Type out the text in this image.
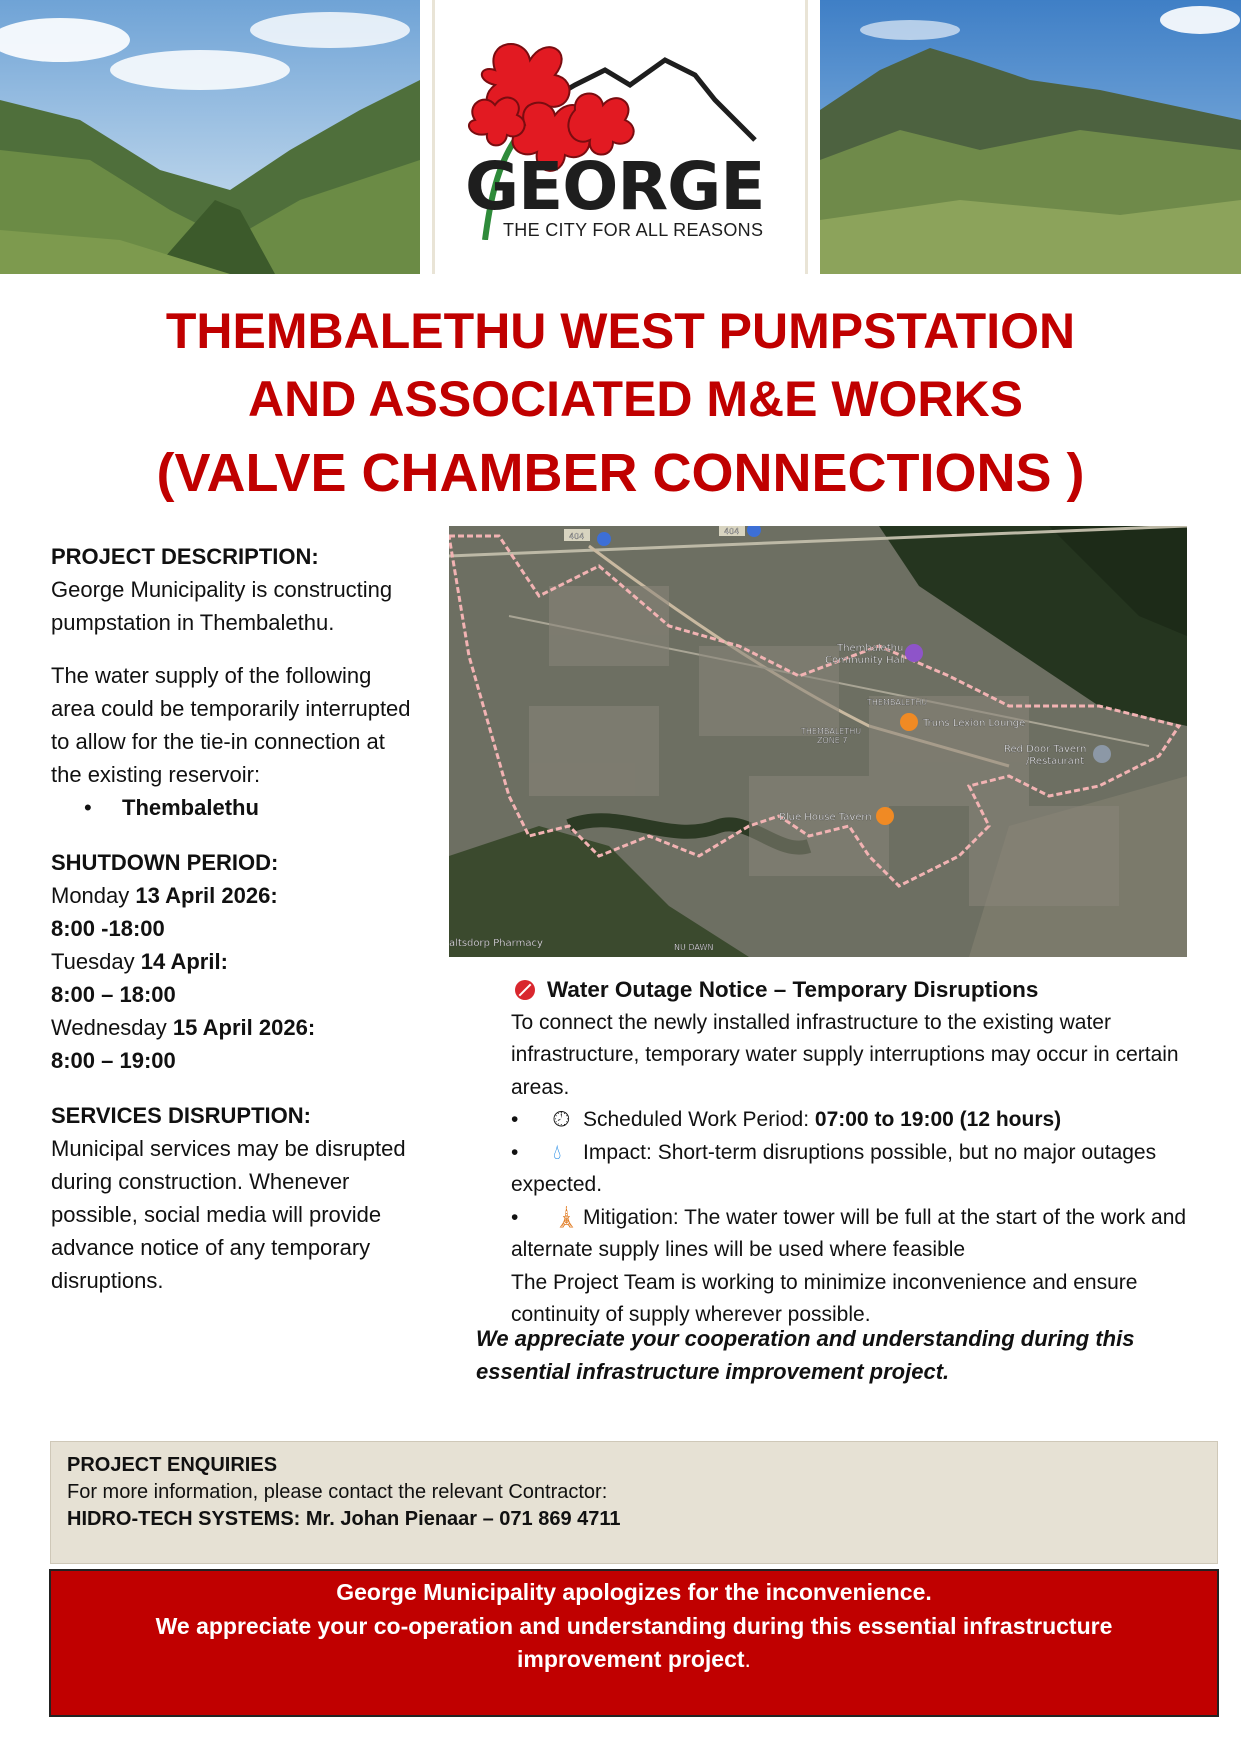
GEORGE
THE CITY FOR ALL REASONS
THEMBALETHU WEST PUMPSTATION
AND ASSOCIATED M&E WORKS
(VALVE CHAMBER CONNECTIONS )

PROJECT DESCRIPTION:

George Municipality is constructing pumpstation in Thembalethu.

The water supply of the following area could be temporarily interrupted to allow for the tie-in connection at the existing reservoir:

•	Thembalethu

SHUTDOWN PERIOD:

Monday 13 April 2026:

8:00 -18:00

Tuesday 14 April:

8:00 – 18:00

Wednesday 15 April 2026:

8:00 – 19:00

SERVICES DISRUPTION:

Municipal services may be disrupted during construction. Whenever possible, social media will provide advance notice of any temporary disruptions.

404
404
Thembalethu
Community Hall
THEMBALETHU
THEMBALETHU
ZONE 7
Truns Lexion Lounge
Red Door Tavern
/Restaurant
Blue House Tavern
altsdorp Pharmacy	NU DAWN

Water Outage Notice – Temporary Disruptions

To connect the newly installed infrastructure to the existing water infrastructure, temporary water supply interruptions may occur in certain areas.

• 🕗︎ Scheduled Work Period: 07:00 to 19:00 (12 hours)

• 💧︎ Impact: Short-term disruptions possible, but no major outages expected.

• 🗼︎ Mitigation: The water tower will be full at the start of the work and alternate supply lines will be used where feasible

The Project Team is working to minimize inconvenience and ensure continuity of supply wherever possible.

We appreciate your cooperation and understanding during this essential infrastructure improvement project.
PROJECT ENQUIRIES
For more information, please contact the relevant Contractor:
HIDRO-TECH SYSTEMS: Mr. Johan Pienaar – 071 869 4711
George Municipality apologizes for the inconvenience.
We appreciate your co-operation and understanding during this essential infrastructure
improvement project.
